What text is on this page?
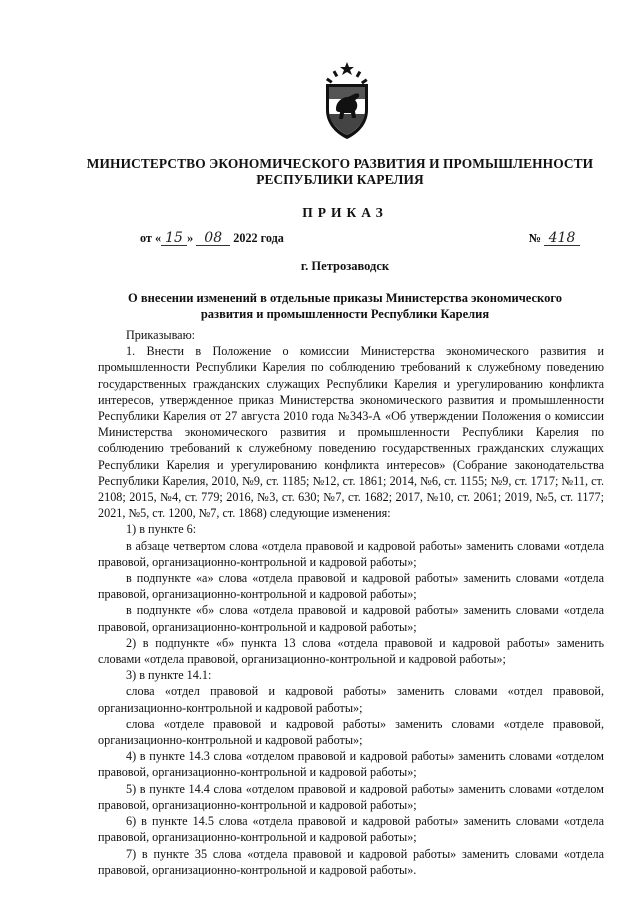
МИНИСТЕРСТВО ЭКОНОМИЧЕСКОГО РАЗВИТИЯ И ПРОМЫШЛЕННОСТИ
РЕСПУБЛИКИ КАРЕЛИЯ
ПРИКАЗ
от « 15 » 08 2022 года	№ 418
г. Петрозаводск
О внесении изменений в отдельные приказы Министерства экономического
развития и промышленности Республики Карелия

Приказываю:

1. Внести в Положение о комиссии Министерства экономического развития и промышленности Республики Карелия по соблюдению требований к служебному поведению государственных гражданских служащих Республики Карелия и урегулированию конфликта интересов, утвержденное приказ Министерства экономического развития и промышленности Республики Карелия от 27 августа 2010 года №343-А «Об утверждении Положения о комиссии Министерства экономического развития и промышленности Республики Карелия по соблюдению требований к служебному поведению государственных гражданских служащих Республики Карелия и урегулированию конфликта интересов» (Собрание законодательства Республики Карелия, 2010, №9, ст. 1185; №12, ст. 1861; 2014, №6, ст. 1155; №9, ст. 1717; №11, ст. 2108; 2015, №4, ст. 779; 2016, №3, ст. 630; №7, ст. 1682; 2017, №10, ст. 2061; 2019, №5, ст. 1177; 2021, №5, ст. 1200, №7, ст. 1868) следующие изменения:

1) в пункте 6:

в абзаце четвертом слова «отдела правовой и кадровой работы» заменить словами «отдела правовой, организационно-контрольной и кадровой работы»;

в подпункте «а» слова «отдела правовой и кадровой работы» заменить словами «отдела правовой, организационно-контрольной и кадровой работы»;

в подпункте «б» слова «отдела правовой и кадровой работы» заменить словами «отдела правовой, организационно-контрольной и кадровой работы»;

2) в подпункте «б» пункта 13 слова «отдела правовой и кадровой работы» заменить словами «отдела правовой, организационно-контрольной и кадровой работы»;

3) в пункте 14.1:

слова «отдел правовой и кадровой работы» заменить словами «отдел правовой, организационно-контрольной и кадровой работы»;

слова «отделе правовой и кадровой работы» заменить словами «отделе правовой, организационно-контрольной и кадровой работы»;

4) в пункте 14.3 слова «отделом правовой и кадровой работы» заменить словами «отделом правовой, организационно-контрольной и кадровой работы»;

5) в пункте 14.4 слова «отделом правовой и кадровой работы» заменить словами «отделом правовой, организационно-контрольной и кадровой работы»;

6) в пункте 14.5 слова «отдела правовой и кадровой работы» заменить словами «отдела правовой, организационно-контрольной и кадровой работы»;

7) в пункте 35 слова «отдела правовой и кадровой работы» заменить словами «отдела правовой, организационно-контрольной и кадровой работы».
